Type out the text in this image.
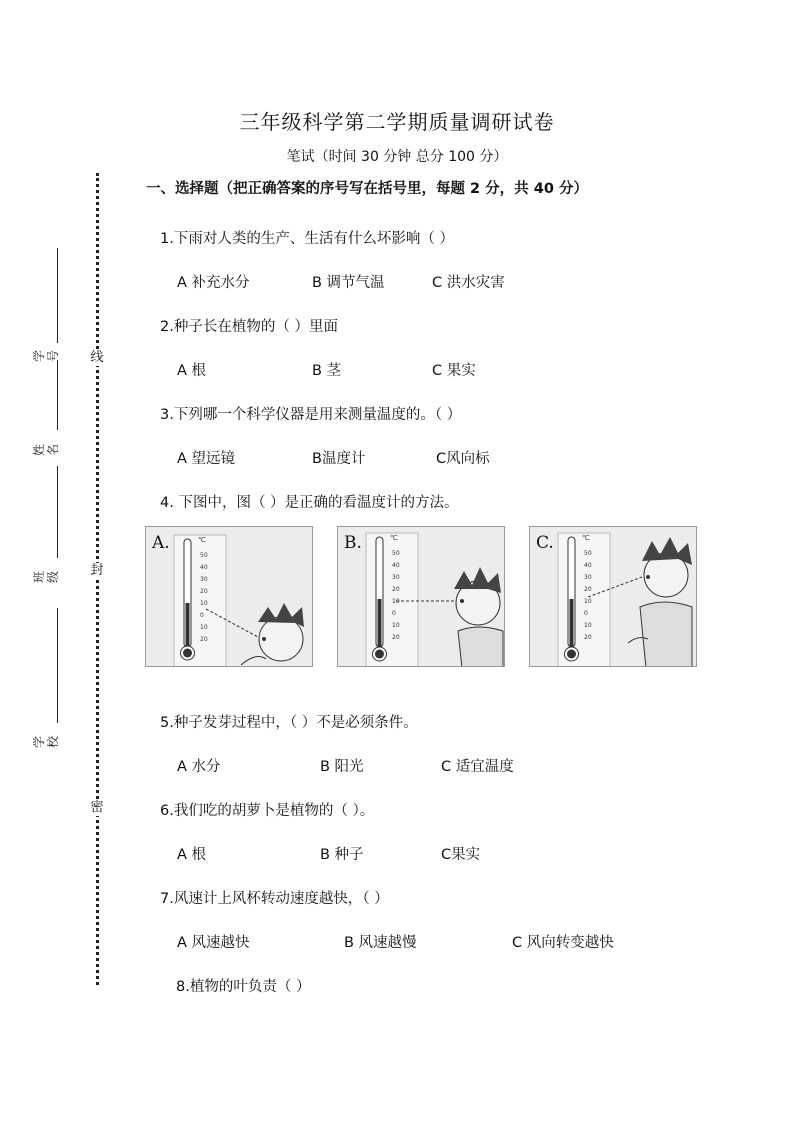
三年级科学第二学期质量调研试卷
笔试（时间 30 分钟 总分 100 分）
线
封
密
学号
姓名
班级
学校
一、选择题（把正确答案的序号写在括号里，每题 2 分，共 40 分）
1.下雨对人类的生产、生活有什么坏影响（ ）
A 补充水分	B 调节气温	C 洪水灾害
2.种子长在植物的（ ）里面
A 根	B 茎	C 果实
3.下列哪一个科学仪器是用来测量温度的。（ ）
A 望远镜	B温度计	C风向标
4. 下图中，图（ ）是正确的看温度计的方法。
A.	℃
50
40
30
20
10
0
10
20
B.	℃
50
40
30
20
10
0
10
20
C.	℃
50
40
30
20
10
0
10
20
5.种子发芽过程中，（ ）不是必须条件。
A 水分	B 阳光	C 适宜温度
6.我们吃的胡萝卜是植物的（ ）。
A 根	B 种子	C果实
7.风速计上风杯转动速度越快，（ ）
A 风速越快	B 风速越慢	C 风向转变越快
8.植物的叶负责（ ）
